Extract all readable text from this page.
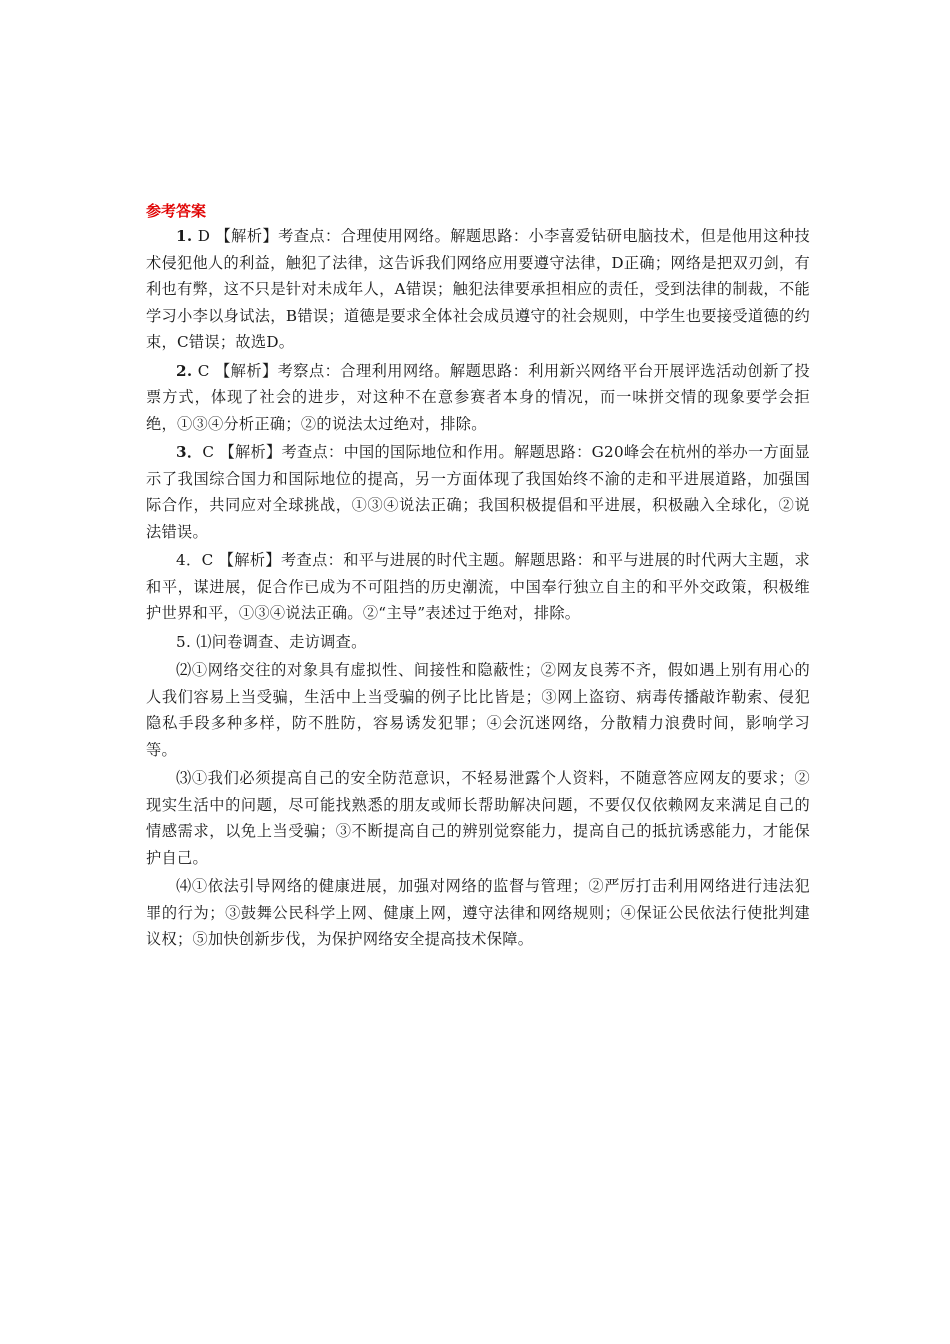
参考答案

1. D 【解析】考查点：合理使用网络。解题思路：小李喜爱钻研电脑技术，但是他用这种技术侵犯他人的利益，触犯了法律，这告诉我们网络应用要遵守法律，D正确；网络是把双刃剑，有利也有弊，这不只是针对未成年人，A错误；触犯法律要承担相应的责任，受到法律的制裁，不能学习小李以身试法，B错误；道德是要求全体社会成员遵守的社会规则，中学生也要接受道德的约束，C错误；故选D。

2. C 【解析】考察点：合理利用网络。解题思路：利用新兴网络平台开展评选活动创新了投票方式，体现了社会的进步，对这种不在意参赛者本身的情况，而一味拼交情的现象要学会拒绝，①③④分析正确；②的说法太过绝对，排除。

3．C 【解析】考查点：中国的国际地位和作用。解题思路：G20峰会在杭州的举办一方面显示了我国综合国力和国际地位的提高，另一方面体现了我国始终不渝的走和平进展道路，加强国际合作，共同应对全球挑战，①③④说法正确；我国积极提倡和平进展，积极融入全球化，②说法错误。

4．C 【解析】考查点：和平与进展的时代主题。解题思路：和平与进展的时代两大主题，求和平，谋进展，促合作已成为不可阻挡的历史潮流，中国奉行独立自主的和平外交政策，积极维护世界和平，①③④说法正确。②“主导”表述过于绝对，排除。

5. ⑴问卷调查、走访调查。

⑵①网络交往的对象具有虚拟性、间接性和隐蔽性；②网友良莠不齐，假如遇上别有用心的人我们容易上当受骗，生活中上当受骗的例子比比皆是；③网上盗窃、病毒传播敲诈勒索、侵犯隐私手段多种多样，防不胜防，容易诱发犯罪；④会沉迷网络，分散精力浪费时间，影响学习等。

⑶①我们必须提高自己的安全防范意识，不轻易泄露个人资料，不随意答应网友的要求；②现实生活中的问题，尽可能找熟悉的朋友或师长帮助解决问题，不要仅仅依赖网友来满足自己的情感需求，以免上当受骗；③不断提高自己的辨别觉察能力，提高自己的抵抗诱惑能力，才能保护自己。

⑷①依法引导网络的健康进展，加强对网络的监督与管理；②严厉打击利用网络进行违法犯罪的行为；③鼓舞公民科学上网、健康上网，遵守法律和网络规则；④保证公民依法行使批判建议权；⑤加快创新步伐，为保护网络安全提高技术保障。
